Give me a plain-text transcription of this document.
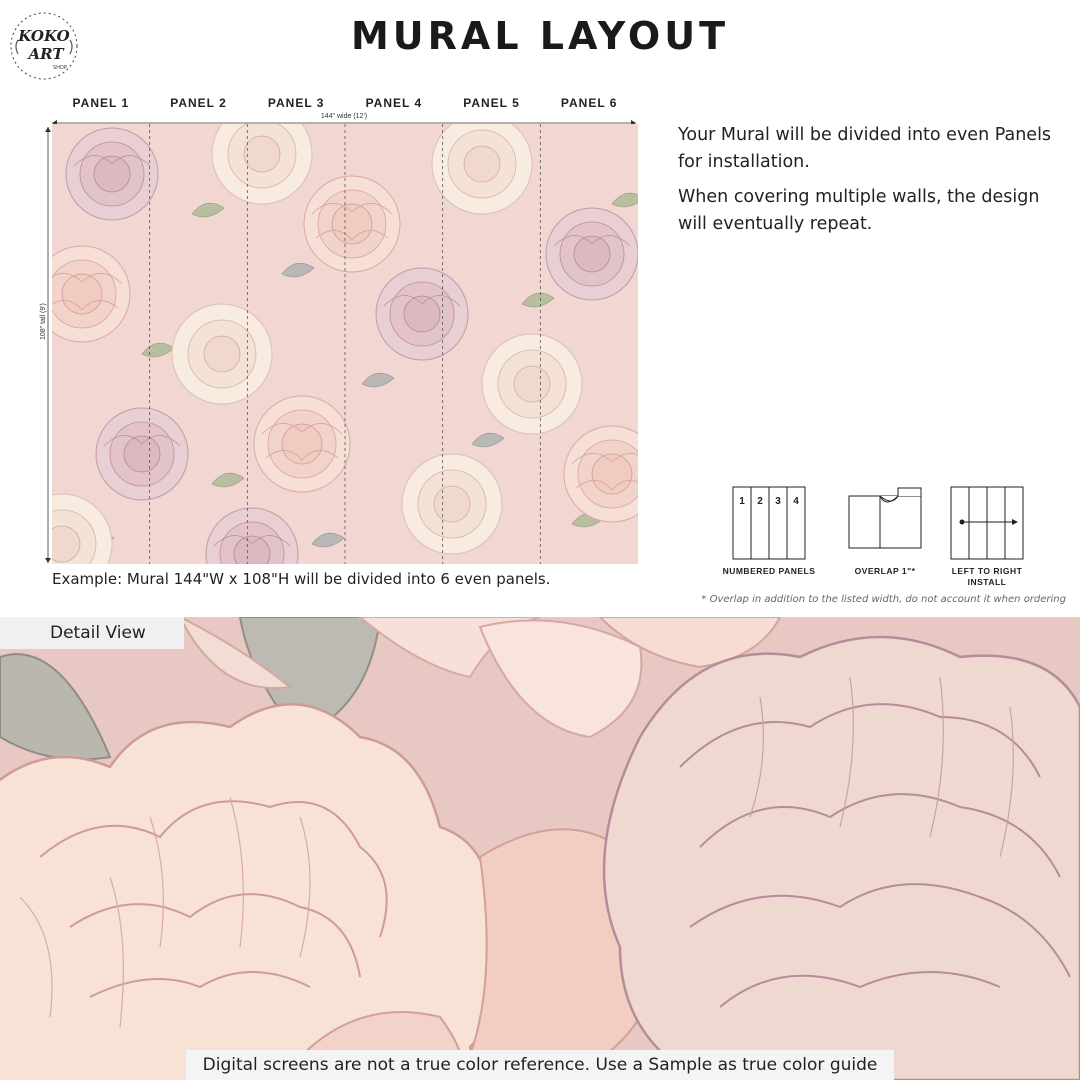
KOKO
ART
SHOP
MURAL LAYOUT
PANEL 1	PANEL 2	PANEL 3	PANEL 4	PANEL 5	PANEL 6
144" wide (12')
108" tall (9')
Example: Mural 144"W x 108"H will be divided into 6 even panels.

Your Mural will be divided into even Panels for installation.

When covering multiple walls, the design will eventually repeat.

1 2 3 4
NUMBERED PANELS	OVERLAP 1"*	LEFT TO RIGHT
INSTALL
* Overlap in addition to the listed width, do not account it when ordering
Detail View
Digital screens are not a true color reference. Use a Sample as true color guide
